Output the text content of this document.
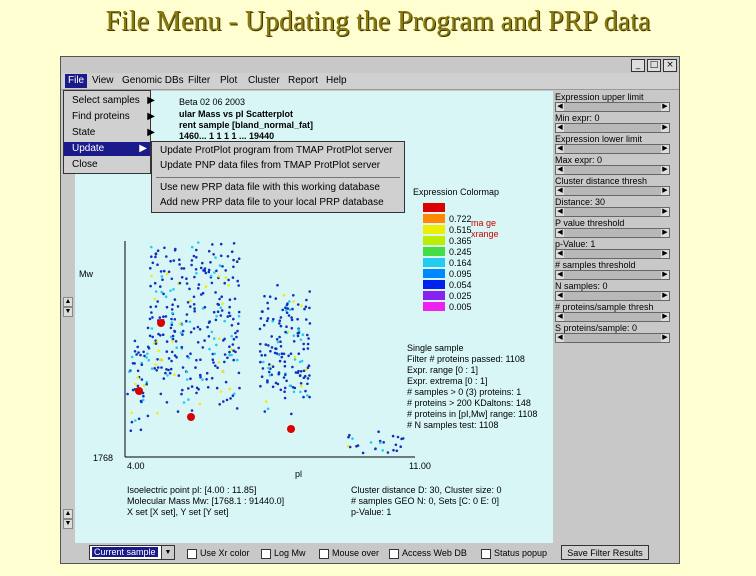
File Menu - Updating the Program and PRP data
_	□ ×
File View Genomic DBs Filter Plot	Cluster Report Help
▲
▼
▲
▼
Beta 02 06 2003
ular Mass vs pI Scatterplot
rent sample [bland_normal_fat]
1460... 1 1 1 1 ... 19440
Mw
1768
4.00
pl
11.00
Expression Colormap
0.722
0.515
0.365
0.245
0.164
0.095
0.054
0.025
0.005
ma ge
xrange
Single sample
Filter # proteins passed: 1108
Expr. range [0 : 1]
Expr. extrema [0 : 1]
# samples > 0 (3) proteins: 1
# proteins > 200 KDaltons: 148
# proteins in [pI,Mw] range: 1108
# N samples test: 1108
Isoelectric point pI: [4.00 : 11.85]
Molecular Mass Mw: [1768.1 : 91440.0]
X set [X set], Y set [Y set]
Cluster distance D: 30, Cluster size: 0
# samples GEO N: 0, Sets [C: 0 E: 0]
p-Value: 1
Expression upper limit
◀	▶
Min expr: 0
◀	▶
Expression lower limit
◀	▶
Max expr: 0
◀	▶
Cluster distance thresh
◀	▶
Distance: 30
◀	▶
P value threshold
◀	▶
p-Value: 1
◀	▶
# samples threshold
◀	▶
N samples: 0
◀	▶
# proteins/sample thresh
◀	▶
S proteins/sample: 0
◀	▶
Select samples ▶
Find proteins ▶
State	▶
Update	▶
Close
Update ProtPlot program from TMAP ProtPlot server
Update PNP data files from TMAP ProtPlot server
Use new PRP data file with this working database
Add new PRP data file to your local PRP database
Current sample	▼	Use Xr color	Log Mw	Mouse over	Access Web DB	Status popup	Save Filter Results
